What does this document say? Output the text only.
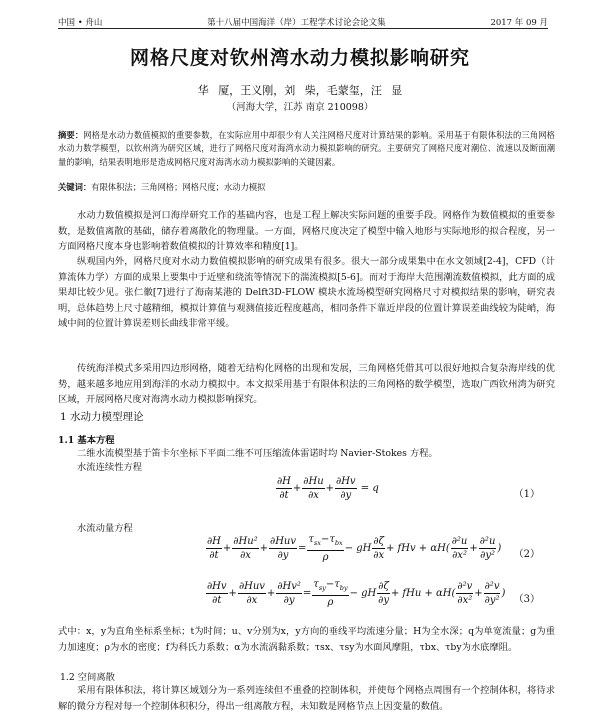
中国 • 舟山	第十八届中国海洋（岸）工程学术讨论会论文集	2017 年 09 月
网格尺度对钦州湾水动力模拟影响研究
华 厦，王义刚，刘 柴，毛蒙玺，汪 显
（河海大学，江苏 南京 210098）
摘要：网格是水动力数值模拟的重要参数，在实际应用中却很少有人关注网格尺度对计算结果的影响。采用基于有限体积法的三角网格水动力数学模型，以钦州湾为研究区域，进行了网格尺度对海湾水动力模拟影响的研究。主要研究了网格尺度对潮位、流速以及断面潮量的影响，结果表明地形是造成网格尺度对海湾水动力模拟影响的关键因素。
关键词：有限体积法；三角网格；网格尺度；水动力模拟
水动力数值模拟是河口海岸研究工作的基础内容，也是工程上解决实际问题的重要手段。网格作为数值模拟的重要参数，是数值离散的基础，储存着离散化的物理量。一方面，网格尺度决定了模型中输入地形与实际地形的拟合程度，另一方面网格尺度本身也影响着数值模拟的计算效率和精度[1]。
纵观国内外，网格尺度对水动力数值模拟影响的研究成果有很多。很大一部分成果集中在水文领域[2-4]，CFD（计算流体力学）方面的成果上要集中于近壁和绕流等情况下的湍流模拟[5-6]。而对于海岸大范围潮流数值模拟，此方面的成果却比较少见。张仁徽[7]进行了海南某港的 Delft3D-FLOW 模块水流场模型研究网格尺寸对模拟结果的影响，研究表明，总体趋势上尺寸越精细，模拟计算值与观测值接近程度越高，相同条件下靠近岸段的位置计算误差曲线较为陡峭，海域中间的位置计算误差则长曲线非常平缓。
传统海洋模式多采用四边形网格，随着无结构化网格的出现和发展，三角网格凭借其可以很好地拟合复杂海岸线的优势，越来越多地应用到海洋的水动力模拟中。本文拟采用基于有限体积法的三角网格的数学模型，选取广西钦州湾为研究区域，开展网格尺度对海湾水动力模拟影响探究。
1 水动力模型理论
1.1 基本方程
二维水流模型基于笛卡尔坐标下平面二维不可压缩流体雷诺时均 Navier-Stokes 方程。
水流连续性方程
$\frac{\partial H}{\partial t} + \frac{\partial Hu}{\partial x} + \frac{\partial Hv}{\partial y} = q$
（1）
水流动量方程
$\frac{\partial H}{\partial t} + \frac{\text{∂Hu²}}{\partial x} + \frac{\text{∂Huv}}{\partial y} = \frac{\tau_{sx}-\tau_{bx}}{\rho}$ − gH $\frac{\partial\zeta}{\partial x}$ + fHv + $\alpha H( \frac{\text{∂²u}}{\text{∂x²}} + \frac{\text{∂²u}}{\text{∂y²}}$ )
（2）
$\frac{\partial Hv}{\partial t} + \frac{\text{∂Huv}}{\partial x} + \frac{\text{∂Hv²}}{\partial y} = \frac{\tau_{sy}-\tau_{by}}{\rho}$ − gH $\frac{\partial\zeta}{\partial y}$ + fHu + $\alpha H( \frac{\text{∂²v}}{\text{∂x²}} + \frac{\text{∂²v}}{\text{∂y²}}$ )
（3）
式中：x，y为直角坐标系坐标；t为时间；u、v分别为x，y方向的垂线平均流速分量；H为全水深；q为单宽流量；g为重力加速度；ρ为水的密度；f为科氏力系数；α为水流涡黏系数；τsx、τsy为水面风摩阻，τbx、τby为水底摩阻。
1.2 空间离散
采用有限体积法，将计算区域划分为一系列连续但不重叠的控制体积，并使每个网格点周围有一个控制体积，将待求解的微分方程对每一个控制体积积分，得出一组离散方程，未知数是网格节点上因变量的数值。
